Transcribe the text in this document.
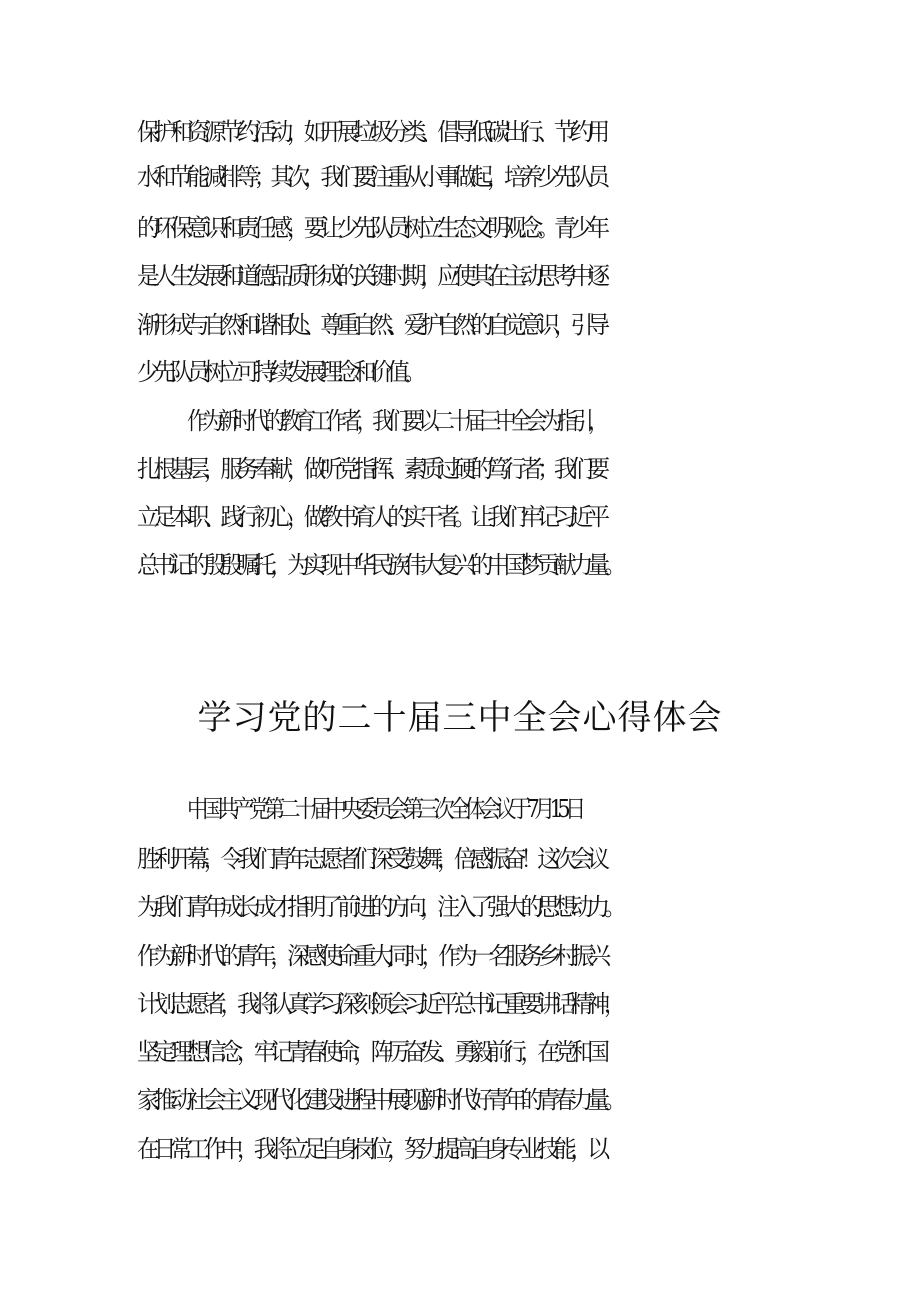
保护和资源节约活动，如开展垃圾分类、倡导低碳出行、节约用
水和节能减排等；其次，我们要注重从小事做起，培养少先队员
的环保意识和责任感，要让少先队员树立生态文明观念。青少年
是人生发展和道德品质形成的关键时期，应使其在主动思考中逐
渐形成与自然和谐相处、尊重自然、爱护自然的自觉意识，引导
少先队员树立可持续发展理念和价值。
作为新时代的教育工作者，我们要以二十届三中全会为指引，
扎根基层，服务奉献，做听党指挥、素质过硬的笃行者；我们要
立足本职、践行初心，做教书育人的实干者。让我们牢记习近平
总书记的殷殷嘱托，为实现中华民族伟大复兴的中国梦贡献力量。
学习党的二十届三中全会心得体会
中国共产党第二十届中央委员会第三次全体会议于7月15日
胜利开幕，令我们青年志愿者们深受鼓舞，倍感振奋！这次会议
为我们青年成长成才指明了前进的方向，注入了强大的思想动力。
作为新时代的青年，深感使命重大,同时，作为一名服务乡村振兴
计划志愿者，我将认真学习深刻领会习近平总书记重要讲话精神，
坚定理想信念，牢记青春使命，阵厉奋发、勇毅前行，在党和国
家推动社会主义现代化建设进程中展现新时代好青年的青春力量。
在日常工作中，我将立足自身岗位，努力提高自身专业技能，以
